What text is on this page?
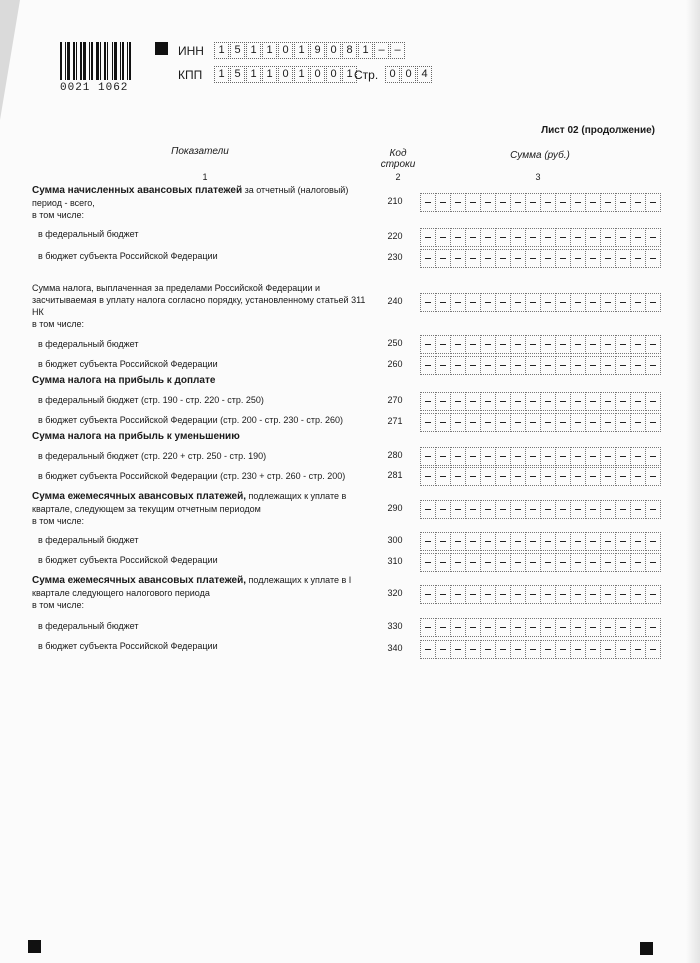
0021 1062
ИНН	1 5 1 1 0 1 9 0 8 1 – –
КПП	1 5 1 1 0 1 0 0 1 Стр.	0 0 4
Лист 02 (продолжение)
Показатели	Код строки
Сумма (руб.)
1	2	3
Сумма начисленных авансовых платежей за отчетный (налоговый) период - всего,
в том числе:
210
в федеральный бюджет	220
в бюджет субъекта Российской Федерации	230
Сумма налога, выплаченная за пределами Российской Федерации и засчитываемая в уплату налога согласно порядку, установленному статьей 311 НК
в том числе:
240
в федеральный бюджет	250
в бюджет субъекта Российской Федерации	260
Сумма налога на прибыль к доплате
в федеральный бюджет (стр. 190 - стр. 220 - стр. 250)	270
в бюджет субъекта Российской Федерации (стр. 200 - стр. 230 - стр. 260)	271
Сумма налога на прибыль к уменьшению
в федеральный бюджет (стр. 220 + стр. 250 - стр. 190)	280
в бюджет субъекта Российской Федерации (стр. 230 + стр. 260 - стр. 200)	281
Сумма ежемесячных авансовых платежей, подлежащих к уплате в квартале, следующем за текущим отчетным периодом
в том числе:
290
в федеральный бюджет	300
в бюджет субъекта Российской Федерации	310
Сумма ежемесячных авансовых платежей, подлежащих к уплате в I квартале следующего налогового периода
в том числе:
320
в федеральный бюджет	330
в бюджет субъекта Российской Федерации	340
